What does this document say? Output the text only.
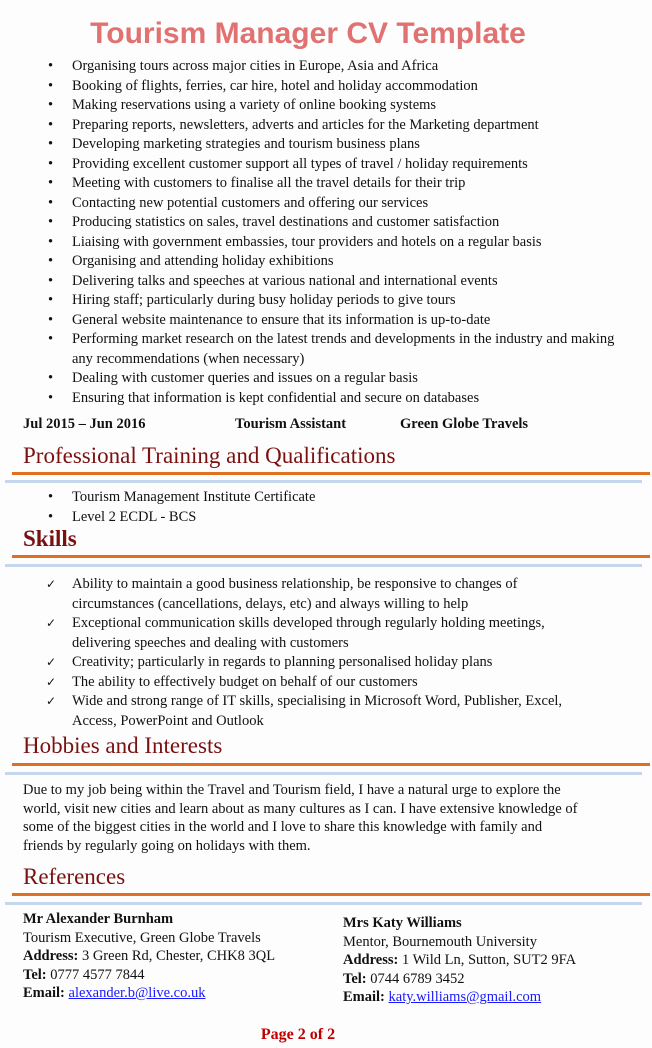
Tourism Manager CV Template
• Organising tours across major cities in Europe, Asia and Africa
• Booking of flights, ferries, car hire, hotel and holiday accommodation
• Making reservations using a variety of online booking systems
• Preparing reports, newsletters, adverts and articles for the Marketing department
• Developing marketing strategies and tourism business plans
• Providing excellent customer support all types of travel / holiday requirements
• Meeting with customers to finalise all the travel details for their trip
• Contacting new potential customers and offering our services
• Producing statistics on sales, travel destinations and customer satisfaction
• Liaising with government embassies, tour providers and hotels on a regular basis
• Organising and attending holiday exhibitions
• Delivering talks and speeches at various national and international events
• Hiring staff; particularly during busy holiday periods to give tours
• General website maintenance to ensure that its information is up-to-date
• Performing market research on the latest trends and developments in the industry and making any recommendations (when necessary)
• Dealing with customer queries and issues on a regular basis
• Ensuring that information is kept confidential and secure on databases
Jul 2015 – Jun 2016	Tourism Assistant	Green Globe Travels
Professional Training and Qualifications
• Tourism Management Institute Certificate
• Level 2 ECDL - BCS
Skills
✓ Ability to maintain a good business relationship, be responsive to changes of circumstances (cancellations, delays, etc) and always willing to help
✓ Exceptional communication skills developed through regularly holding meetings, delivering speeches and dealing with customers
✓ Creativity; particularly in regards to planning personalised holiday plans
✓ The ability to effectively budget on behalf of our customers
✓ Wide and strong range of IT skills, specialising in Microsoft Word, Publisher, Excel, Access, PowerPoint and Outlook
Hobbies and Interests

Due to my job being within the Travel and Tourism field, I have a natural urge to explore the world, visit new cities and learn about as many cultures as I can. I have extensive knowledge of some of the biggest cities in the world and I love to share this knowledge with family and friends by regularly going on holidays with them.

References
Mr Alexander Burnham
Tourism Executive, Green Globe Travels
Address: 3 Green Rd, Chester, CHK8 3QL
Tel: 0777 4577 7844
Email: alexander.b@live.co.uk
Mrs Katy Williams
Mentor, Bournemouth University
Address: 1 Wild Ln, Sutton, SUT2 9FA
Tel: 0744 6789 3452
Email: katy.williams@gmail.com
Page 2 of 2
